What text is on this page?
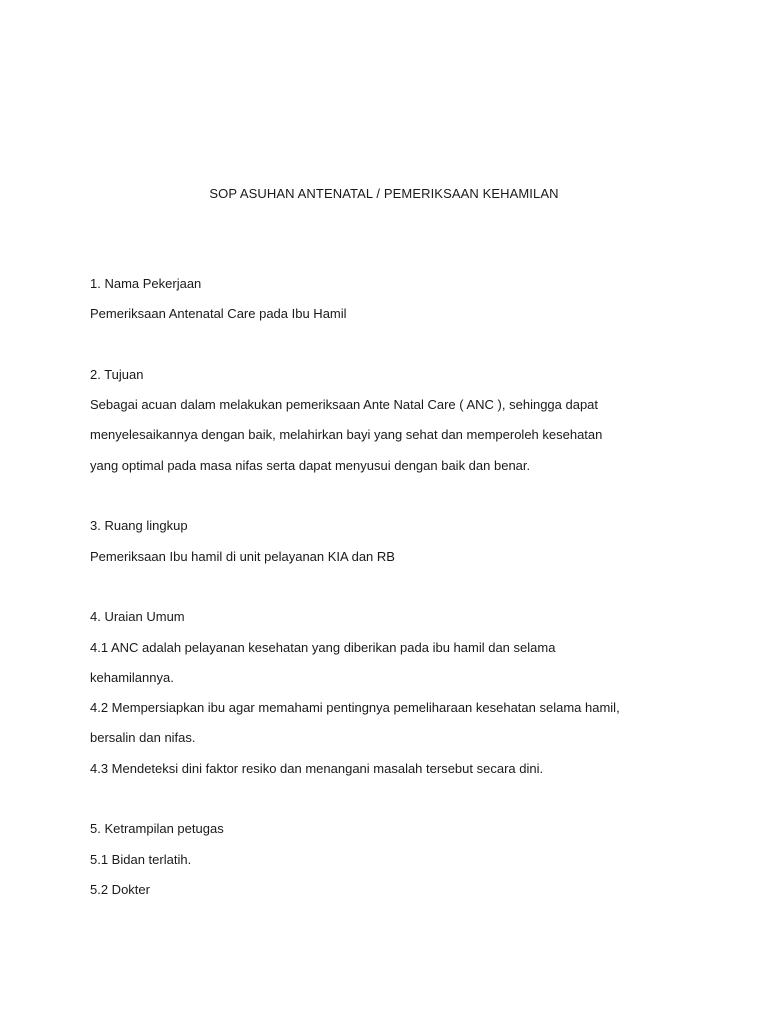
SOP ASUHAN ANTENATAL / PEMERIKSAAN KEHAMILAN
1. Nama Pekerjaan
Pemeriksaan Antenatal Care pada Ibu Hamil
2. Tujuan
Sebagai acuan dalam melakukan pemeriksaan Ante Natal Care ( ANC ), sehingga dapat
menyelesaikannya dengan baik, melahirkan bayi yang sehat dan memperoleh kesehatan
yang optimal pada masa nifas serta dapat menyusui dengan baik dan benar.
3. Ruang lingkup
Pemeriksaan Ibu hamil di unit pelayanan KIA dan RB
4. Uraian Umum
4.1 ANC adalah pelayanan kesehatan yang diberikan pada ibu hamil dan selama
kehamilannya.
4.2 Mempersiapkan ibu agar memahami pentingnya pemeliharaan kesehatan selama hamil,
bersalin dan nifas.
4.3 Mendeteksi dini faktor resiko dan menangani masalah tersebut secara dini.
5. Ketrampilan petugas
5.1 Bidan terlatih.
5.2 Dokter
